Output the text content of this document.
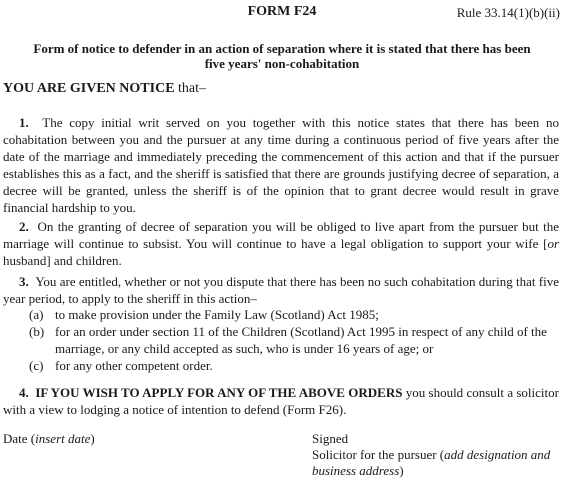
FORM F24	Rule 33.14(1)(b)(ii)
Form of notice to defender in an action of separation where it is stated that there has been
five years' non-cohabitation
YOU ARE GIVEN NOTICE that–
1. The copy initial writ served on you together with this notice states that there has been no cohabitation between you and the pursuer at any time during a continuous period of five years after the date of the marriage and immediately preceding the commencement of this action and that if the pursuer establishes this as a fact, and the sheriff is satisfied that there are grounds justifying decree of separation, a decree will be granted, unless the sheriff is of the opinion that to grant decree would result in grave financial hardship to you.
2. On the granting of decree of separation you will be obliged to live apart from the pursuer but the marriage will continue to subsist. You will continue to have a legal obligation to support your wife [or husband] and children.
3. You are entitled, whether or not you dispute that there has been no such cohabitation during that five year period, to apply to the sheriff in this action–
(a) to make provision under the Family Law (Scotland) Act 1985;
(b) for an order under section 11 of the Children (Scotland) Act 1995 in respect of any child of the
marriage, or any child accepted as such, who is under 16 years of age; or
(c) for any other competent order.
4. IF YOU WISH TO APPLY FOR ANY OF THE ABOVE ORDERS you should consult a solicitor with a view to lodging a notice of intention to defend (Form F26).
Date (insert date)	Signed
Solicitor for the pursuer (add designation and business address)
